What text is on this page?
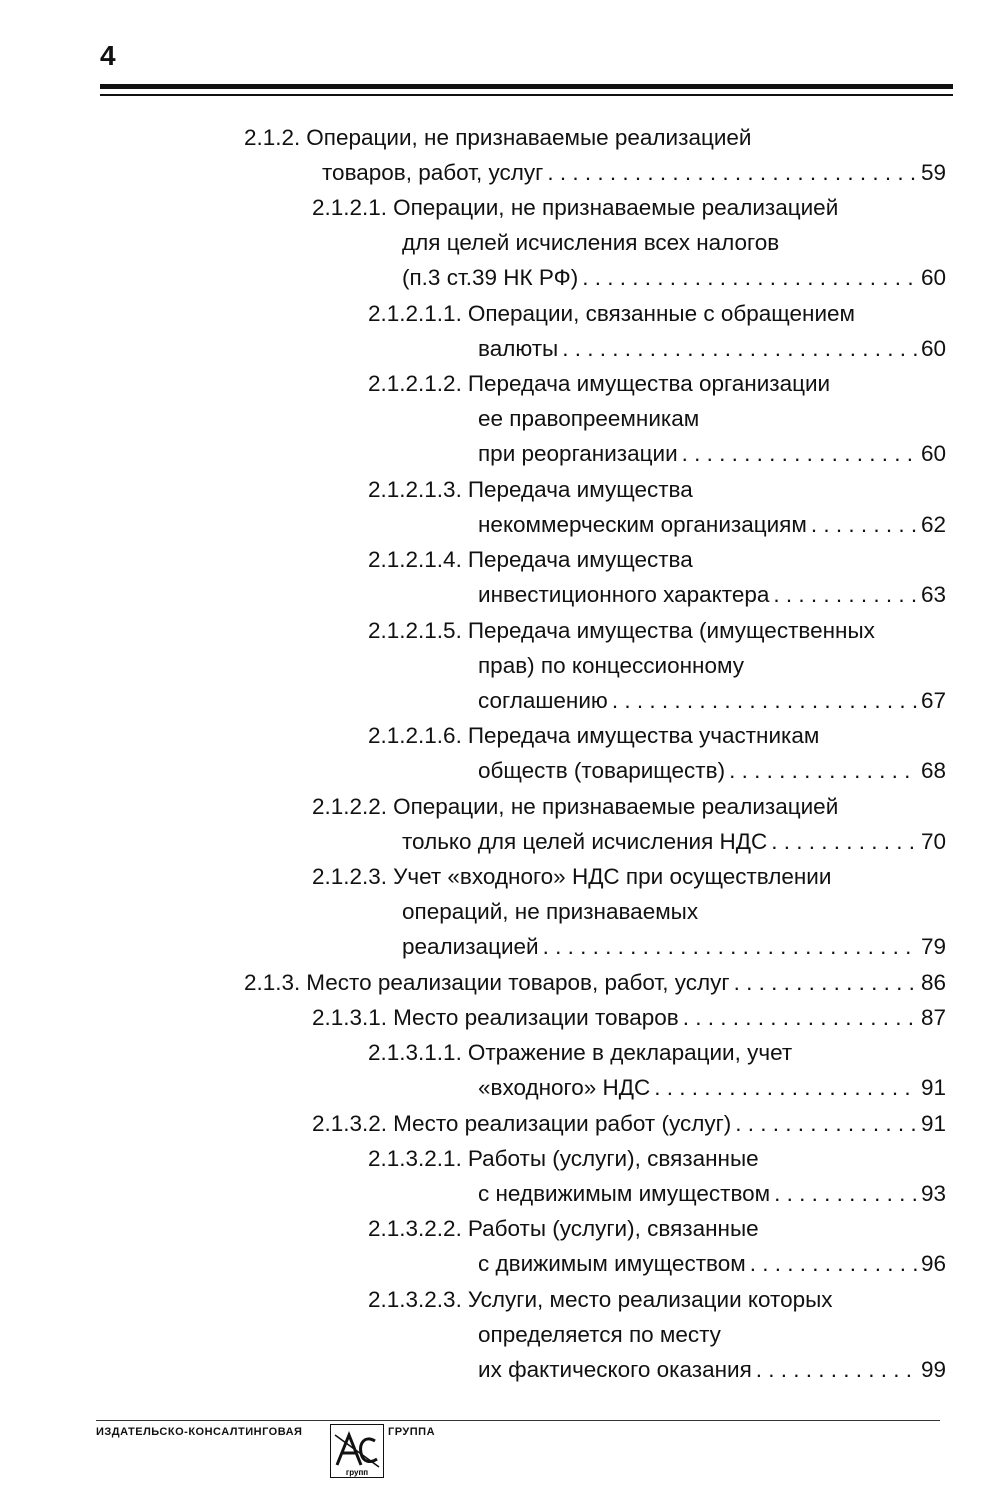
4
2.1.2. Операции, не признаваемые реализацией
товаров, работ, услуг . . .	59
2.1.2.1. Операции, не признаваемые реализацией
для целей исчисления всех налогов
(п.3 ст.39 НК РФ) . . .	60
2.1.2.1.1. Операции, связанные с обращением
валюты . . .	60
2.1.2.1.2. Передача имущества организации
ее правопреемникам
при реорганизации . . .	60
2.1.2.1.3. Передача имущества
некоммерческим организациям . . .	62
2.1.2.1.4. Передача имущества
инвестиционного характера . . .	63
2.1.2.1.5. Передача имущества (имущественных
прав) по концессионному
соглашению . . .	67
2.1.2.1.6. Передача имущества участникам
обществ (товариществ) . . .	68
2.1.2.2. Операции, не признаваемые реализацией
только для целей исчисления НДС . . .	70
2.1.2.3. Учет «входного» НДС при осуществлении
операций, не признаваемых
реализацией . . .	79
2.1.3. Место реализации товаров, работ, услуг . . .	86
2.1.3.1. Место реализации товаров . . .	87
2.1.3.1.1. Отражение в декларации, учет
«входного» НДС . . .	91
2.1.3.2. Место реализации работ (услуг) . . .	91
2.1.3.2.1. Работы (услуги), связанные
с недвижимым имуществом . . .	93
2.1.3.2.2. Работы (услуги), связанные
с движимым имуществом . . .	96
2.1.3.2.3. Услуги, место реализации которых
определяется по месту
их фактического оказания . . .	99
ИЗДАТЕЛЬСКО-КОНСАЛТИНГОВАЯ
групп
ГРУППА
